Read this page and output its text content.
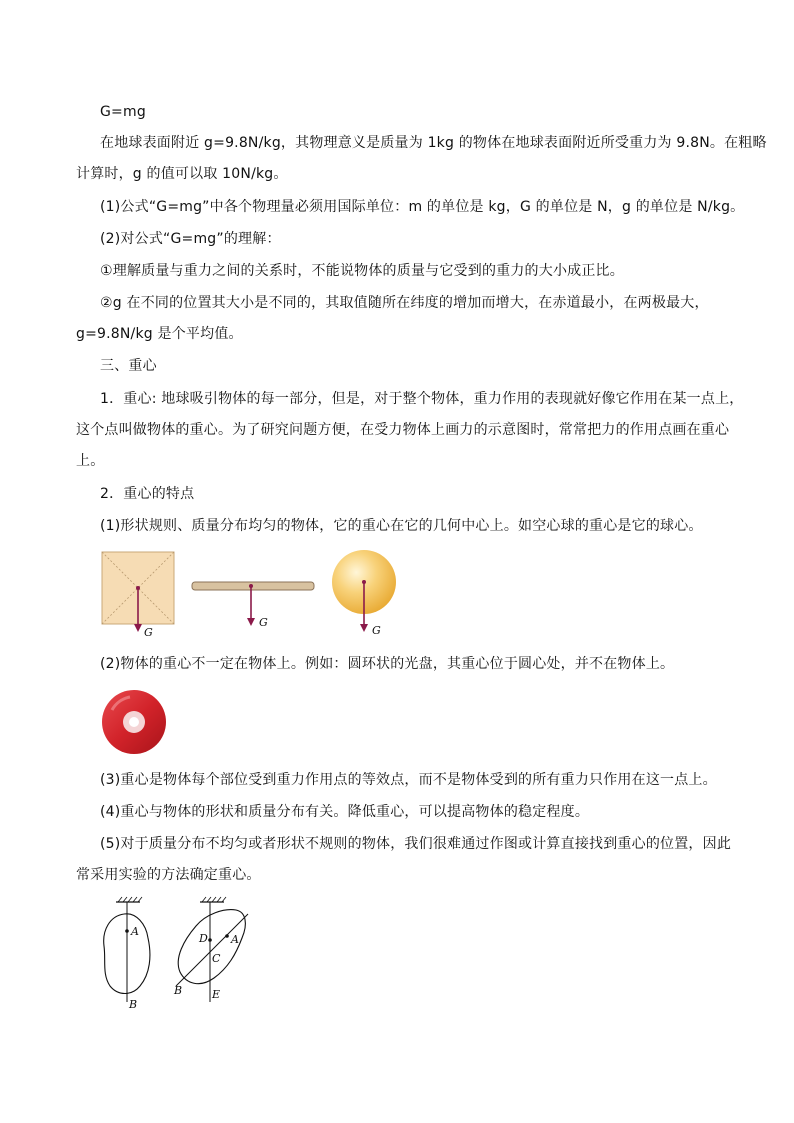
G=mg
在地球表面附近 g=9.8N/kg，其物理意义是质量为 1kg 的物体在地球表面附近所受重力为 9.8N。在粗略
计算时，g 的值可以取 10N/kg。
(1)公式“G=mg”中各个物理量必须用国际单位：m 的单位是 kg，G 的单位是 N，g 的单位是 N/kg。
(2)对公式“G=mg”的理解：
①理解质量与重力之间的关系时，不能说物体的质量与它受到的重力的大小成正比。
②g 在不同的位置其大小是不同的，其取值随所在纬度的增加而增大，在赤道最小，在两极最大，
g=9.8N/kg 是个平均值。
三、重心
1．重心: 地球吸引物体的每一部分，但是，对于整个物体，重力作用的表现就好像它作用在某一点上，
这个点叫做物体的重心。为了研究问题方便，在受力物体上画力的示意图时，常常把力的作用点画在重心
上。
2．重心的特点
(1)形状规则、质量分布均匀的物体，它的重心在它的几何中心上。如空心球的重心是它的球心。
G
G
G
(2)物体的重心不一定在物体上。例如：圆环状的光盘，其重心位于圆心处，并不在物体上。
(3)重心是物体每个部位受到重力作用点的等效点，而不是物体受到的所有重力只作用在这一点上。
(4)重心与物体的形状和质量分布有关。降低重心，可以提高物体的稳定程度。
(5)对于质量分布不均匀或者形状不规则的物体，我们很难通过作图或计算直接找到重心的位置，因此
常采用实验的方法确定重心。
A
B
D A
C
B	E
